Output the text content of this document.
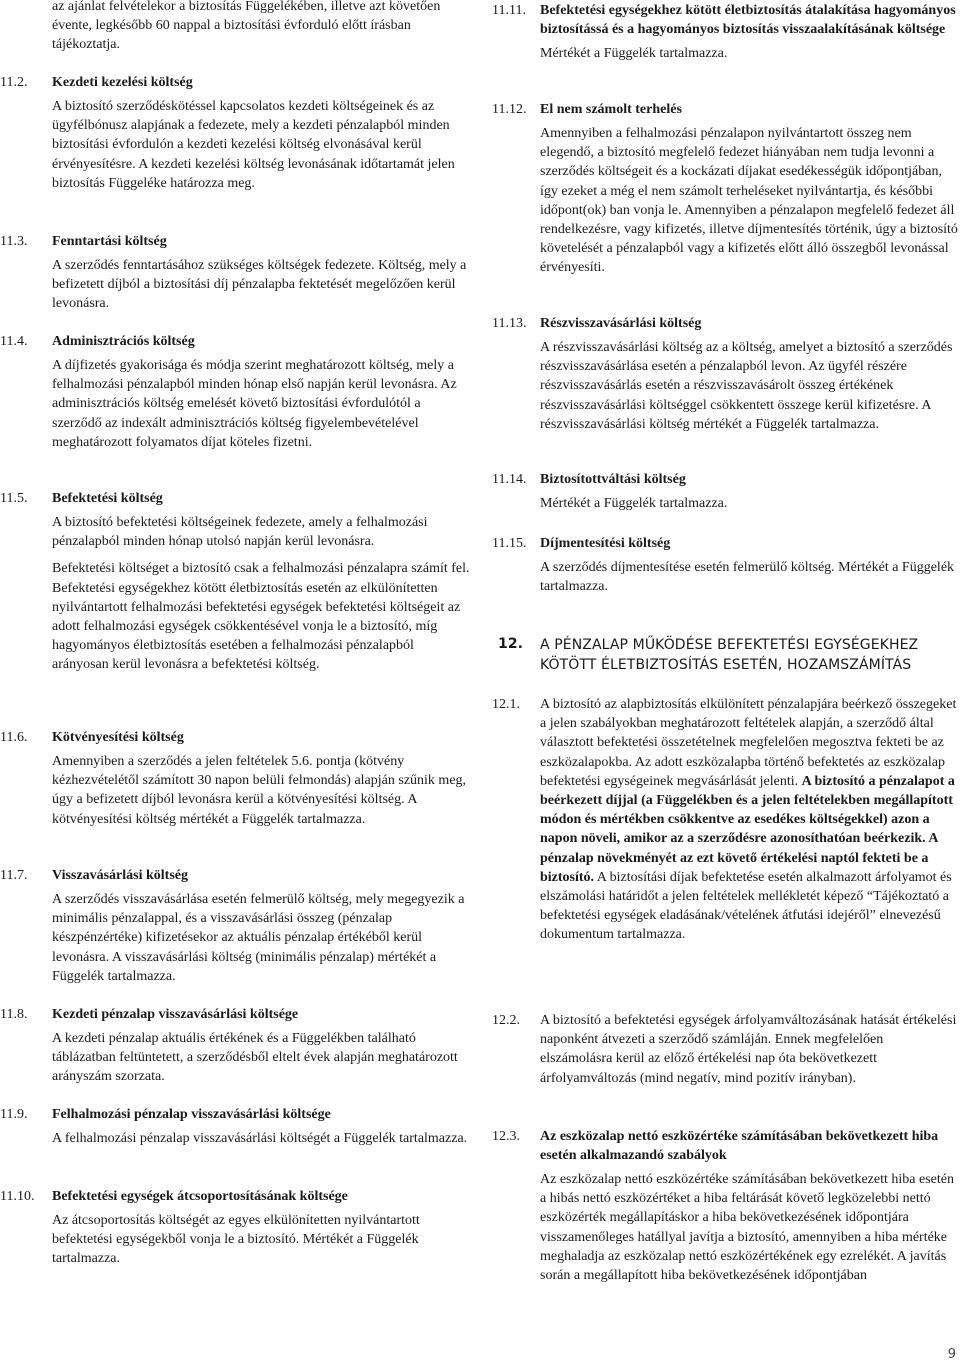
az ajánlat felvételekor a biztosítás Függelékében, illetve azt követően évente, legkésőbb 60 nappal a biztosítási évforduló előtt írásban tájékoztatja.
11.2. Kezdeti kezelési költség
A biztosító szerződéskötéssel kapcsolatos kezdeti költségeinek és az ügyfélbónusz alapjának a fedezete, mely a kezdeti pénzalapból minden biztosítási évfordulón a kezdeti kezelési költség elvonásával kerül érvényesítésre. A kezdeti kezelési költség levonásának időtartamát jelen biztosítás Függeléke határozza meg.
11.3. Fenntartási költség
A szerződés fenntartásához szükséges költségek fedezete. Költség, mely a befizetett díjból a biztosítási díj pénzalapba fektetését megelőzően kerül levonásra.
11.4. Adminisztrációs költség
A díjfizetés gyakorisága és módja szerint meghatározott költség, mely a felhalmozási pénzalapból minden hónap első napján kerül levonásra. Az adminisztrációs költség emelését követő biztosítási évfordulótól a szerződő az indexált adminisztrációs költség figyelembevételével meghatározott folyamatos díjat köteles fizetni.
11.5. Befektetési költség
A biztosító befektetési költségeinek fedezete, amely a felhalmozási pénzalapból minden hónap utolsó napján kerül levonásra.
Befektetési költséget a biztosító csak a felhalmozási pénzalapra számít fel. Befektetési egységekhez kötött életbiztosítás esetén az elkülönítetten nyilvántartott felhalmozási befektetési egységek befektetési költségeit az adott felhalmozási egységek csökkentésével vonja le a biztosító, míg hagyományos életbiztosítás esetében a felhalmozási pénzalapból arányosan kerül levonásra a befektetési költség.
11.6. Kötvényesítési költség
Amennyiben a szerződés a jelen feltételek 5.6. pontja (kötvény kézhezvételétől számított 30 napon belüli felmondás) alapján szűnik meg, úgy a befizetett díjból levonásra kerül a kötvényesítési költség. A kötvényesítési költség mértékét a Függelék tartalmazza.
11.7. Visszavásárlási költség
A szerződés visszavásárlása esetén felmerülő költség, mely megegyezik a minimális pénzalappal, és a visszavásárlási összeg (pénzalap készpénzértéke) kifizetésekor az aktuális pénzalap értékéből kerül levonásra. A visszavásárlási költség (minimális pénzalap) mértékét a Függelék tartalmazza.
11.8. Kezdeti pénzalap visszavásárlási költsége
A kezdeti pénzalap aktuális értékének és a Függelékben található táblázatban feltüntetett, a szerződésből eltelt évek alapján meghatározott arányszám szorzata.
11.9. Felhalmozási pénzalap visszavásárlási költsége
A felhalmozási pénzalap visszavásárlási költségét a Függelék tartalmazza.
11.10. Befektetési egységek átcsoportosításának költsége
Az átcsoportosítás költségét az egyes elkülönítetten nyilvántartott befektetési egységekből vonja le a biztosító. Mértékét a Függelék tartalmazza.
11.11. Befektetési egységekhez kötött életbiztosítás átalakítása hagyományos biztosítássá és a hagyományos biztosítás visszaalakításának költsége
Mértékét a Függelék tartalmazza.
11.12. El nem számolt terhelés
Amennyiben a felhalmozási pénzalapon nyilvántartott összeg nem elegendő, a biztosító megfelelő fedezet hiányában nem tudja levonni a szerződés költségeit és a kockázati díjakat esedékességük időpontjában, így ezeket a még el nem számolt terheléseket nyilvántartja, és későbbi időpont(ok) ban vonja le. Amennyiben a pénzalapon megfelelő fedezet áll rendelkezésre, vagy kifizetés, illetve díjmentesítés történik, úgy a biztosító követelését a pénzalapból vagy a kifizetés előtt álló összegből levonással érvényesíti.
11.13. Részvisszavásárlási költség
A részvisszavásárlási költség az a költség, amelyet a biztosító a szerződés részvisszavásárlása esetén a pénzalapból levon. Az ügyfél részére részvisszavásárlás esetén a részvisszavásárolt összeg értékének részvisszavásárlási költséggel csökkentett összege kerül kifizetésre. A részvisszavásárlási költség mértékét a Függelék tartalmazza.
11.14. Biztosítottváltási költség
Mértékét a Függelék tartalmazza.
11.15. Díjmentesítési költség
A szerződés díjmentesítése esetén felmerülő költség. Mértékét a Függelék tartalmazza.
12. A PÉNZALAP MŰKÖDÉSE BEFEKTETÉSI EGYSÉGEKHEZ KÖTÖTT ÉLETBIZTOSÍTÁS ESETÉN, HOZAMSZÁMÍTÁS
12.1. A biztosító az alapbiztosítás elkülönített pénzalapjára beérkező összegeket a jelen szabályokban meghatározott feltételek alapján, a szerződő által választott befektetési összetételnek megfelelően megosztva fekteti be az eszközalapokba. Az adott eszközalapba történő befektetés az eszközalap befektetési egységeinek megvásárlását jelenti. A biztosító a pénzalapot a beérkezett díjjal (a Függelékben és a jelen feltételekben megállapított módon és mértékben csökkentve az esedékes költségekkel) azon a napon növeli, amikor az a szerződésre azonosíthatóan beérkezik. A pénzalap növekményét az ezt követő értékelési naptól fekteti be a biztosító. A biztosítási díjak befektetése esetén alkalmazott árfolyamot és elszámolási határidőt a jelen feltételek mellékletét képező “Tájékoztató a befektetési egységek eladásának/vételének átfutási idejéről” elnevezésű dokumentum tartalmazza.
12.2. A biztosító a befektetési egységek árfolyamváltozásának hatását értékelési naponként átvezeti a szerződő számláján. Ennek megfelelően elszámolásra kerül az előző értékelési nap óta bekövetkezett árfolyamváltozás (mind negatív, mind pozitív irányban).
12.3. Az eszközalap nettó eszközértéke számításában bekövetkezett hiba esetén alkalmazandó szabályok
Az eszközalap nettó eszközértéke számításában bekövetkezett hiba esetén a hibás nettó eszközértéket a hiba feltárását követő legközelebbi nettó eszközérték megállapításkor a hiba bekövetkezésének időpontjára visszamenőleges hatállyal javítja a biztosító, amennyiben a hiba mértéke meghaladja az eszközalap nettó eszközértékének egy ezrelékét. A javítás során a megállapított hiba bekövetkezésének időpontjában
9
